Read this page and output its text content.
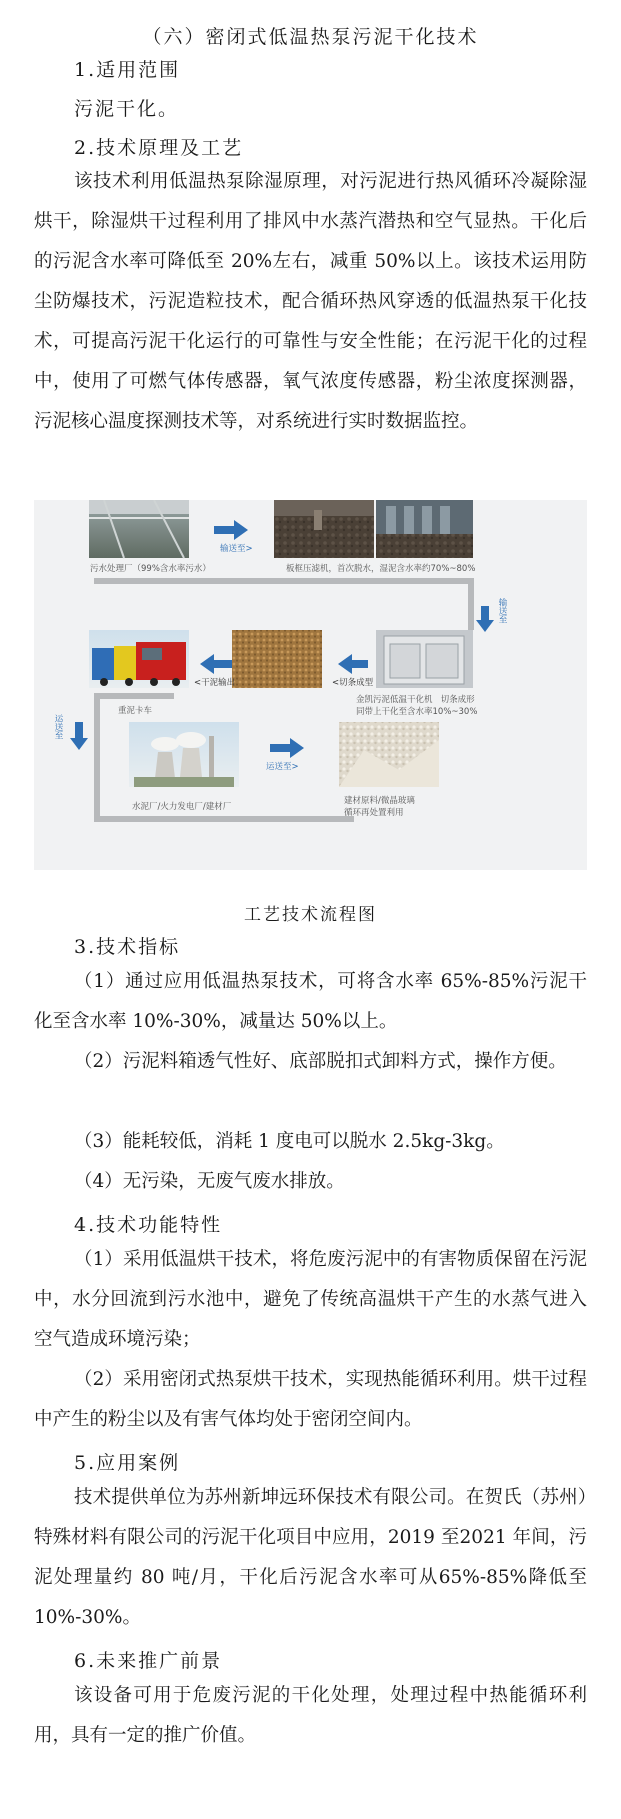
（六）密闭式低温热泵污泥干化技术
1.适用范围
污泥干化。
2.技术原理及工艺
该技术利用低温热泵除湿原理，对污泥进行热风循环冷凝除湿烘干，除湿烘干过程利用了排风中水蒸汽潜热和空气显热。干化后的污泥含水率可降低至 20%左右，减重 50%以上。该技术运用防尘防爆技术，污泥造粒技术，配合循环热风穿透的低温热泵干化技术，可提高污泥干化运行的可靠性与安全性能；在污泥干化的过程中，使用了可燃气体传感器，氧气浓度传感器，粉尘浓度探测器，污泥核心温度探测技术等，对系统进行实时数据监控。
污水处理厂（99%含水率污水）
输送至>
板框压滤机，首次脱水，湿泥含水率约70%~80%
输送至
<干泥输出	<切条成型
重泥卡车
金凯污泥低温干化机   切条成形
同带上干化至含水率10%~30%
运送至
运送至>
水泥厂/火力发电厂/建材厂
建材原料/微晶玻璃
循环再处置利用
工艺技术流程图
3.技术指标
（1）通过应用低温热泵技术，可将含水率 65%-85%污泥干化至含水率 10%-30%，减量达 50%以上。
（2）污泥料箱透气性好、底部脱扣式卸料方式，操作方便。
（3）能耗较低，消耗 1 度电可以脱水 2.5kg-3kg。
（4）无污染，无废气废水排放。
4.技术功能特性
（1）采用低温烘干技术，将危废污泥中的有害物质保留在污泥中，水分回流到污水池中，避免了传统高温烘干产生的水蒸气进入空气造成环境污染；
（2）采用密闭式热泵烘干技术，实现热能循环利用。烘干过程中产生的粉尘以及有害气体均处于密闭空间内。
5.应用案例
技术提供单位为苏州新坤远环保技术有限公司。在贺氏（苏州）特殊材料有限公司的污泥干化项目中应用，2019 至2021 年间，污泥处理量约 80 吨/月，干化后污泥含水率可从65%-85%降低至 10%-30%。
6.未来推广前景
该设备可用于危废污泥的干化处理，处理过程中热能循环利用，具有一定的推广价值。
